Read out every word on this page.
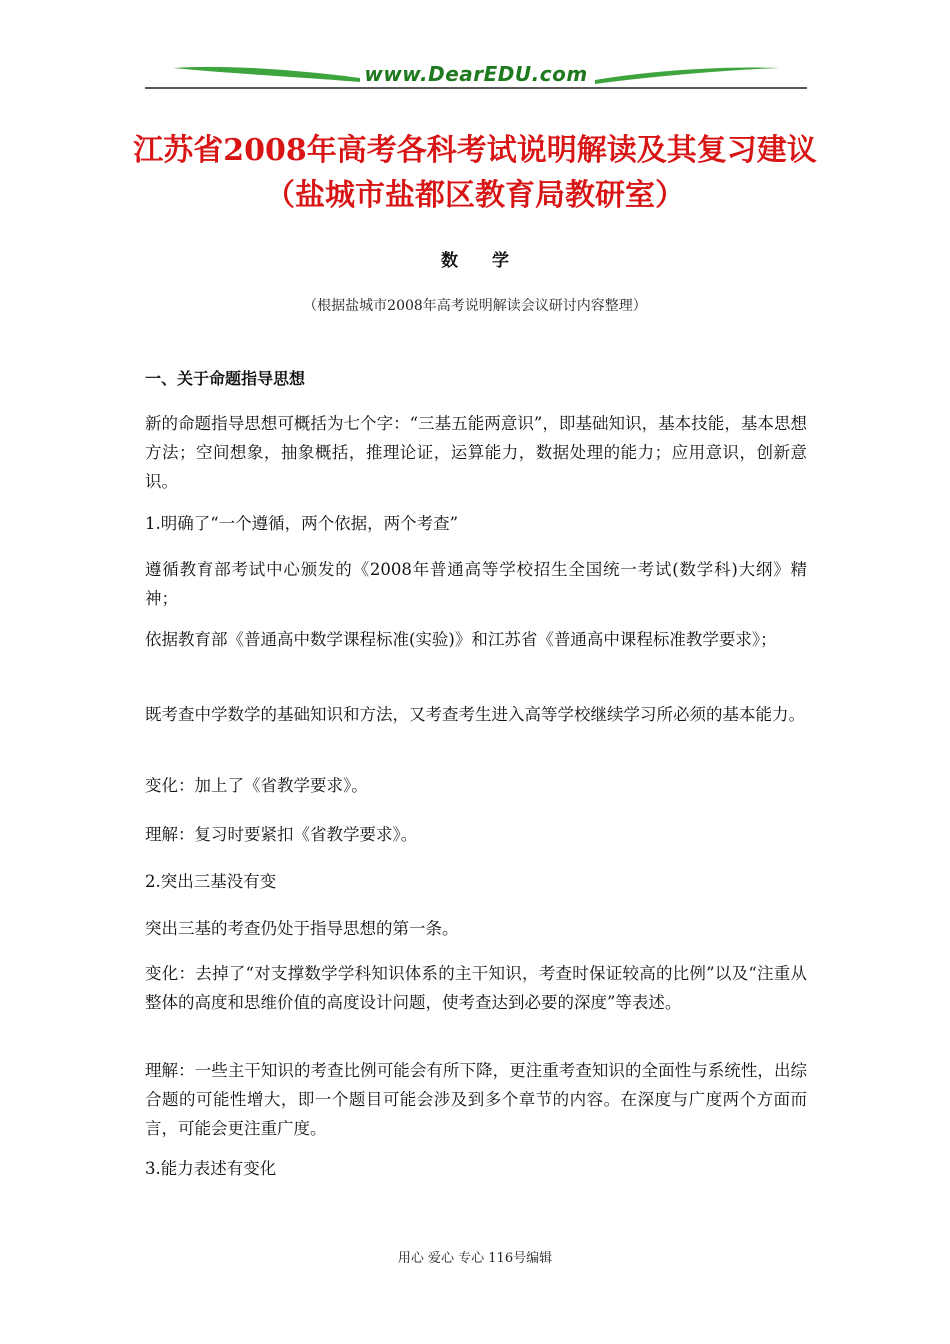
www.DearEDU.com
江苏省2008年高考各科考试说明解读及其复习建议
（盐城市盐都区教育局教研室）
数 学
（根据盐城市2008年高考说明解读会议研讨内容整理）
一、关于命题指导思想

新的命题指导思想可概括为七个字：“三基五能两意识”，即基础知识，基本技能，基本思想方法；空间想象，抽象概括，推理论证，运算能力，数据处理的能力；应用意识，创新意识。

1.明确了“一个遵循，两个依据，两个考查”

遵循教育部考试中心颁发的《2008年普通高等学校招生全国统一考试(数学科)大纲》精神；

依据教育部《普通高中数学课程标准(实验)》和江苏省《普通高中课程标准教学要求》；

既考查中学数学的基础知识和方法，又考查考生进入高等学校继续学习所必须的基本能力。

变化：加上了《省教学要求》。

理解：复习时要紧扣《省教学要求》。

2.突出三基没有变

突出三基的考查仍处于指导思想的第一条。

变化：去掉了“对支撑数学学科知识体系的主干知识，考查时保证较高的比例”以及“注重从整体的高度和思维价值的高度设计问题，使考查达到必要的深度”等表述。

理解：一些主干知识的考查比例可能会有所下降，更注重考查知识的全面性与系统性，出综合题的可能性增大，即一个题目可能会涉及到多个章节的内容。在深度与广度两个方面而言，可能会更注重广度。

3.能力表述有变化

用心 爱心 专心 116号编辑
